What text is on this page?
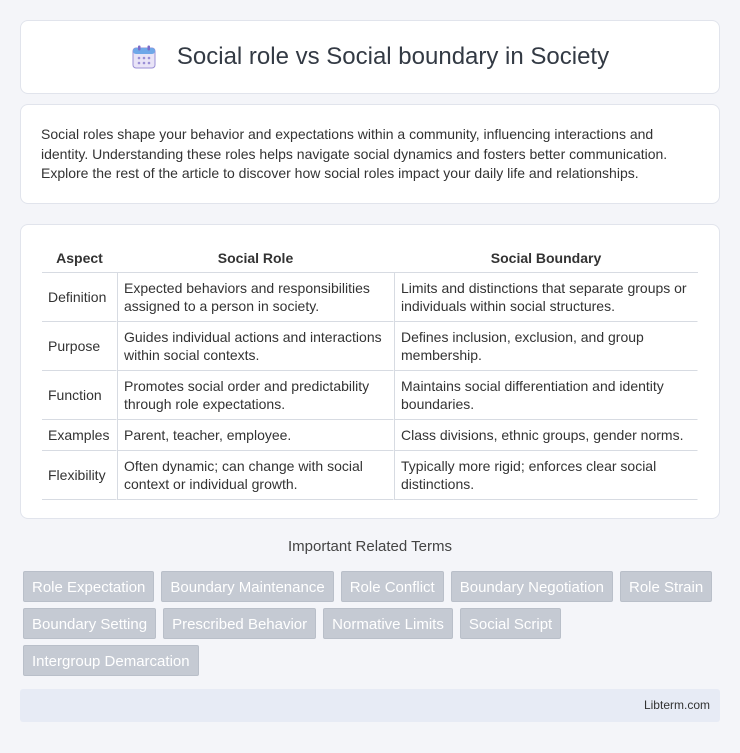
Social role vs Social boundary in Society

Social roles shape your behavior and expectations within a community, influencing interactions and identity. Understanding these roles helps navigate social dynamics and fosters better communication. Explore the rest of the article to discover how social roles impact your daily life and relationships.

Aspect	Social Role	Social Boundary
Definition	Expected behaviors and responsibilities assigned to a person in society.	Limits and distinctions that separate groups or individuals within social structures.
Purpose	Guides individual actions and interactions within social contexts.	Defines inclusion, exclusion, and group membership.
Function	Promotes social order and predictability through role expectations.	Maintains social differentiation and identity boundaries.
Examples	Parent, teacher, employee.	Class divisions, ethnic groups, gender norms.
Flexibility	Often dynamic; can change with social context or individual growth.	Typically more rigid; enforces clear social distinctions.
Important Related Terms
Role Expectation	Boundary Maintenance	Role Conflict	Boundary Negotiation	Role Strain
Boundary Setting	Prescribed Behavior	Normative Limits	Social Script
Intergroup Demarcation
Libterm.com
